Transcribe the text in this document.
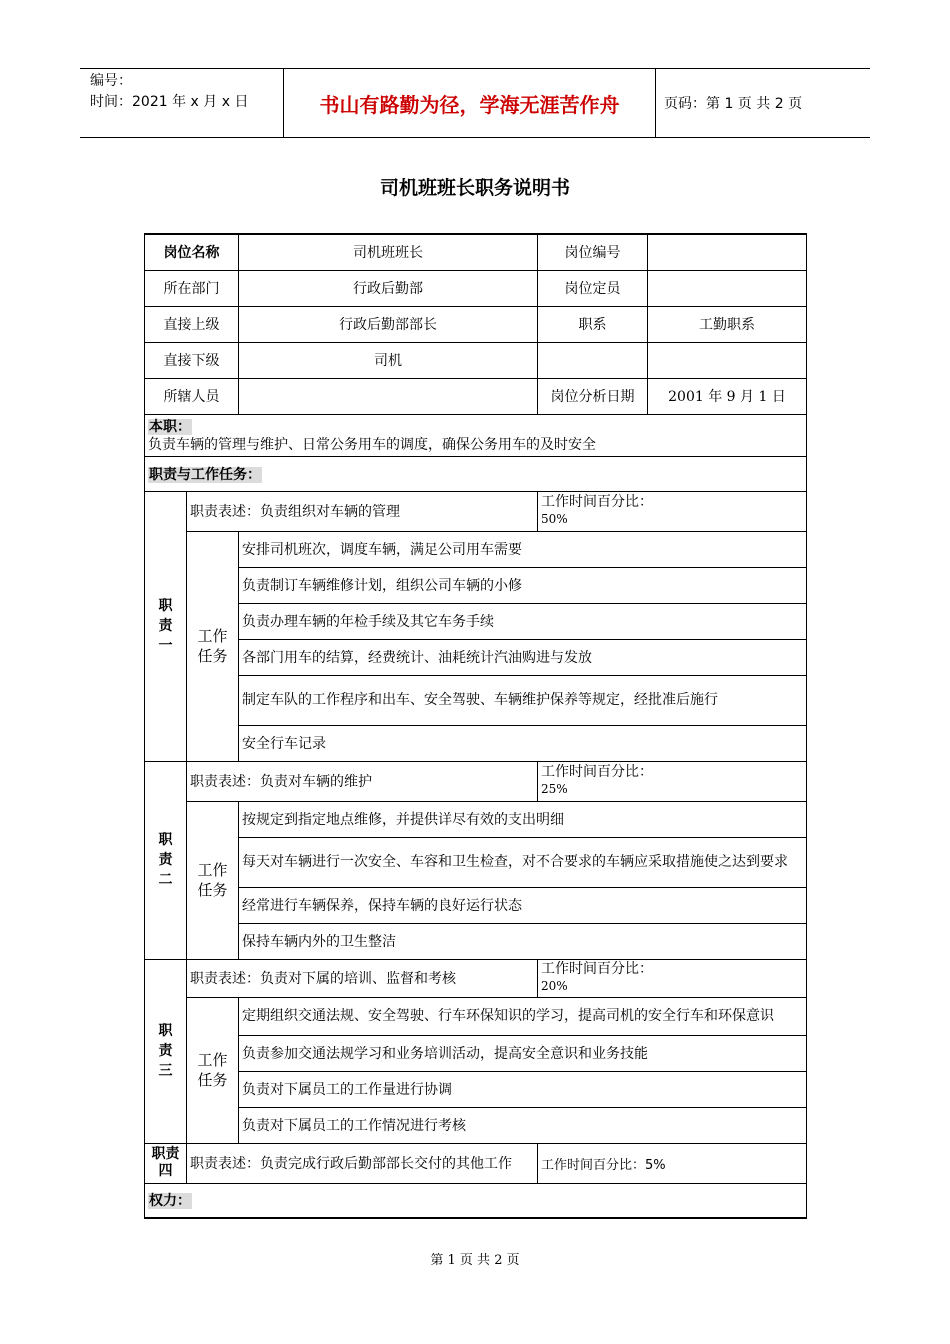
编号：
时间：2021 年 x 月 x 日	书山有路勤为径，学海无涯苦作舟	页码：第 1 页 共 2 页
司机班班长职务说明书
岗位名称		司机班班长	岗位编号	
所在部门		行政后勤部	岗位定员	
直接上级		行政后勤部部长	职系	工勤职系
直接下级		司机		
所辖人员			岗位分析日期	2001 年 9 月 1 日

本职：
负责车辆的管理与维护、日常公务用车的调度，确保公务用车的及时安全				

职责与工作任务：				

职责一	职责表述：负责组织对车辆的管理		工作时间百分比：
50%	

	工作任务	安排司机班次，调度车辆，满足公司用车需要		
		负责制订车辆维修计划，组织公司车辆的小修		
		负责办理车辆的年检手续及其它车务手续		
		各部门用车的结算，经费统计、油耗统计汽油购进与发放		
		制定车队的工作程序和出车、安全驾驶、车辆维护保养等规定，经批准后施行		
		安全行车记录		

职责二	职责表述：负责对车辆的维护		工作时间百分比：
25%	

	工作任务	按规定到指定地点维修，并提供详尽有效的支出明细		
		每天对车辆进行一次安全、车容和卫生检查，对不合要求的车辆应采取措施使之达到要求		
		经常进行车辆保养，保持车辆的良好运行状态		
		保持车辆内外的卫生整洁		

职责三	职责表述：负责对下属的培训、监督和考核		工作时间百分比：
20%	

	工作任务	定期组织交通法规、安全驾驶、行车环保知识的学习，提高司机的安全行车和环保意识		
		负责参加交通法规学习和业务培训活动，提高安全意识和业务技能		
		负责对下属员工的工作量进行协调		
		负责对下属员工的工作情况进行考核		

职责四	职责表述：负责完成行政后勤部部长交付的其他工作		工作时间百分比：5%	
权力：				
第 1 页 共 2 页
